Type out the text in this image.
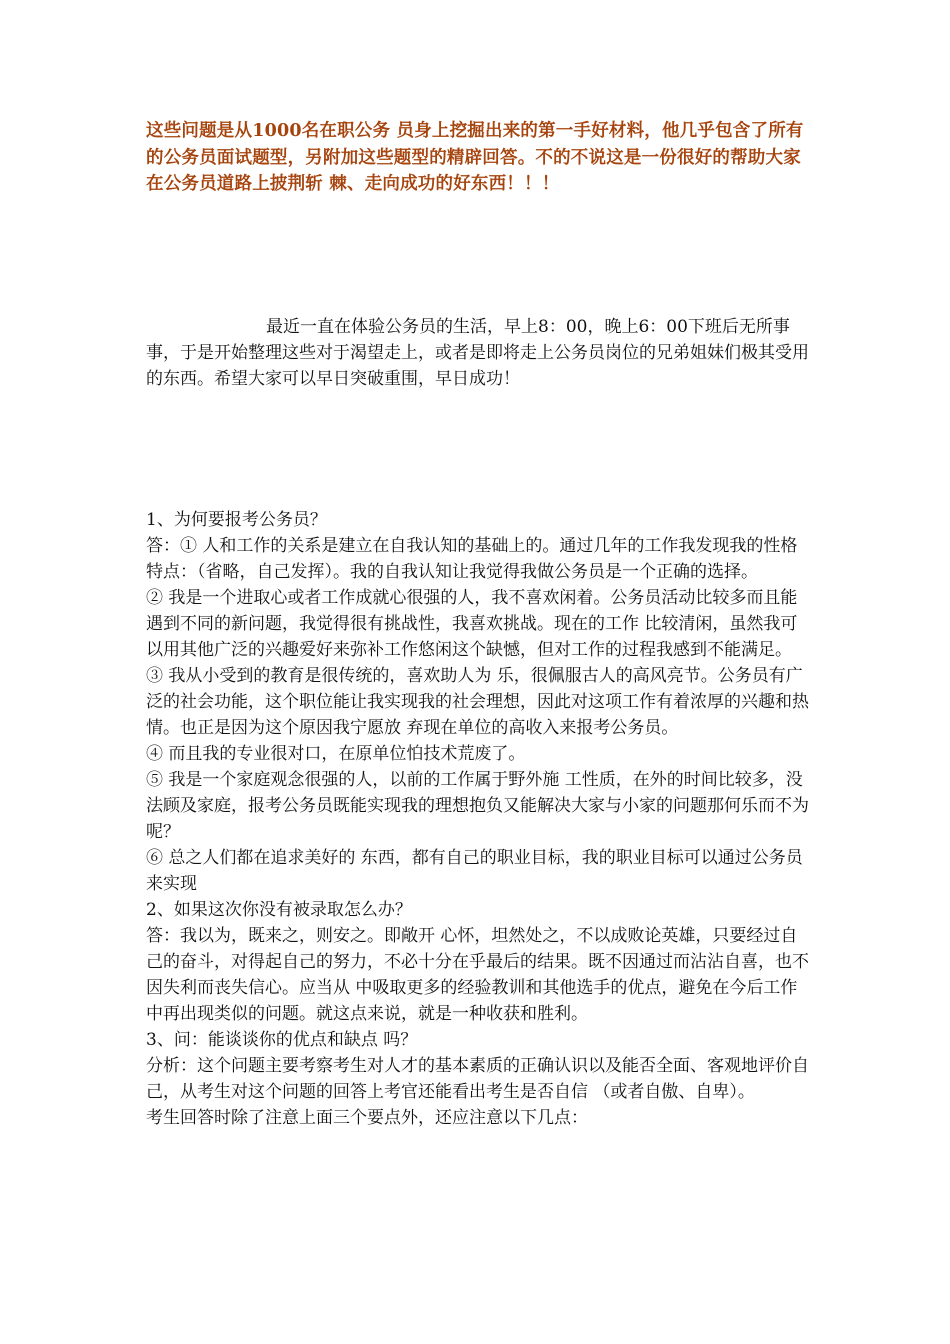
这些问题是从1000名在职公务 员身上挖掘出来的第一手好材料，他几乎包含了所有的公务员面试题型，另附加这些题型的精辟回答。不的不说这是一份很好的帮助大家在公务员道路上披荆斩 棘、走向成功的好东西！！！
最近一直在体验公务员的生活，早上8：00，晚上6：00下班后无所事事，于是开始整理这些对于渴望走上，或者是即将走上公务员岗位的兄弟姐妹们极其受用 的东西。希望大家可以早日突破重围，早日成功！

1、为何要报考公务员？

答：① 人和工作的关系是建立在自我认知的基础上的。通过几年的工作我发现我的性格特点：（省略，自己发挥）。我的自我认知让我觉得我做公务员是一个正确的选择。

② 我是一个进取心或者工作成就心很强的人，我不喜欢闲着。公务员活动比较多而且能遇到不同的新问题，我觉得很有挑战性，我喜欢挑战。现在的工作 比较清闲，虽然我可以用其他广泛的兴趣爱好来弥补工作悠闲这个缺憾，但对工作的过程我感到不能满足。

③ 我从小受到的教育是很传统的，喜欢助人为 乐，很佩服古人的高风亮节。公务员有广泛的社会功能，这个职位能让我实现我的社会理想，因此对这项工作有着浓厚的兴趣和热情。也正是因为这个原因我宁愿放 弃现在单位的高收入来报考公务员。

④ 而且我的专业很对口，在原单位怕技术荒废了。

⑤ 我是一个家庭观念很强的人，以前的工作属于野外施 工性质，在外的时间比较多，没法顾及家庭，报考公务员既能实现我的理想抱负又能解决大家与小家的问题那何乐而不为呢？

⑥ 总之人们都在追求美好的 东西，都有自己的职业目标，我的职业目标可以通过公务员来实现

2、如果这次你没有被录取怎么办？

答：我以为，既来之，则安之。即敞开 心怀，坦然处之，不以成败论英雄，只要经过自己的奋斗，对得起自己的努力，不必十分在乎最后的结果。既不因通过而沾沾自喜，也不因失利而丧失信心。应当从 中吸取更多的经验教训和其他选手的优点，避免在今后工作中再出现类似的问题。就这点来说，就是一种收获和胜利。

3、问：能谈谈你的优点和缺点 吗？

分析：这个问题主要考察考生对人才的基本素质的正确认识以及能否全面、客观地评价自己，从考生对这个问题的回答上考官还能看出考生是否自信 （或者自傲、自卑）。

考生回答时除了注意上面三个要点外，还应注意以下几点：
